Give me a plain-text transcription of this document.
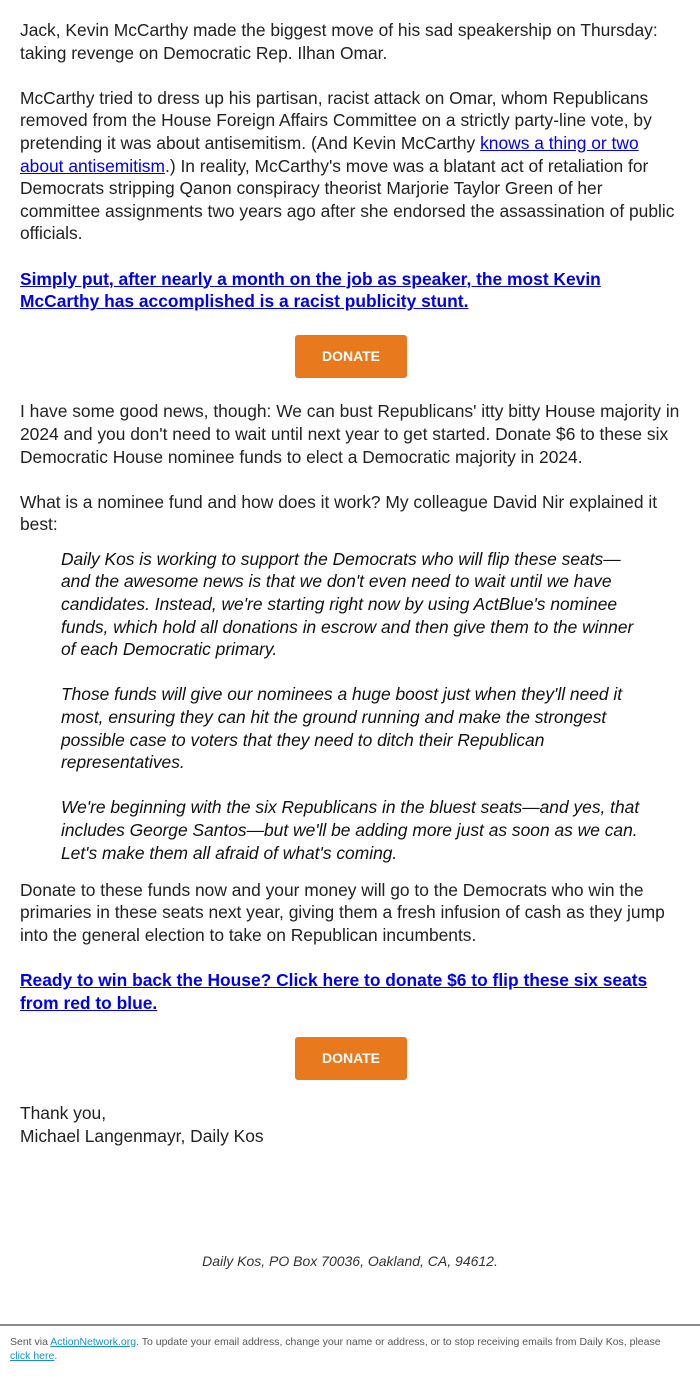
Jack, Kevin McCarthy made the biggest move of his sad speakership on Thursday: taking revenge on Democratic Rep. Ilhan Omar.

McCarthy tried to dress up his partisan, racist attack on Omar, whom Republicans removed from the House Foreign Affairs Committee on a strictly party-line vote, by pretending it was about antisemitism. (And Kevin McCarthy knows a thing or two about antisemitism.) In reality, McCarthy's move was a blatant act of retaliation for Democrats stripping Qanon conspiracy theorist Marjorie Taylor Green of her committee assignments two years ago after she endorsed the assassination of public officials.

Simply put, after nearly a month on the job as speaker, the most Kevin McCarthy has accomplished is a racist publicity stunt.

DONATE

I have some good news, though: We can bust Republicans' itty bitty House majority in 2024 and you don't need to wait until next year to get started. Donate $6 to these six Democratic House nominee funds to elect a Democratic majority in 2024.

What is a nominee fund and how does it work? My colleague David Nir explained it best:

Daily Kos is working to support the Democrats who will flip these seats—and the awesome news is that we don't even need to wait until we have candidates. Instead, we're starting right now by using ActBlue's nominee funds, which hold all donations in escrow and then give them to the winner of each Democratic primary.

Those funds will give our nominees a huge boost just when they'll need it most, ensuring they can hit the ground running and make the strongest possible case to voters that they need to ditch their Republican representatives.

We're beginning with the six Republicans in the bluest seats—and yes, that includes George Santos—but we'll be adding more just as soon as we can. Let's make them all afraid of what's coming.

Donate to these funds now and your money will go to the Democrats who win the primaries in these seats next year, giving them a fresh infusion of cash as they jump into the general election to take on Republican incumbents.

Ready to win back the House? Click here to donate $6 to flip these six seats from red to blue.

DONATE

Thank you,
Michael Langenmayr, Daily Kos

Daily Kos, PO Box 70036, Oakland, CA, 94612.
Sent via ActionNetwork.org. To update your email address, change your name or address, or to stop receiving emails from Daily Kos, please click here.
